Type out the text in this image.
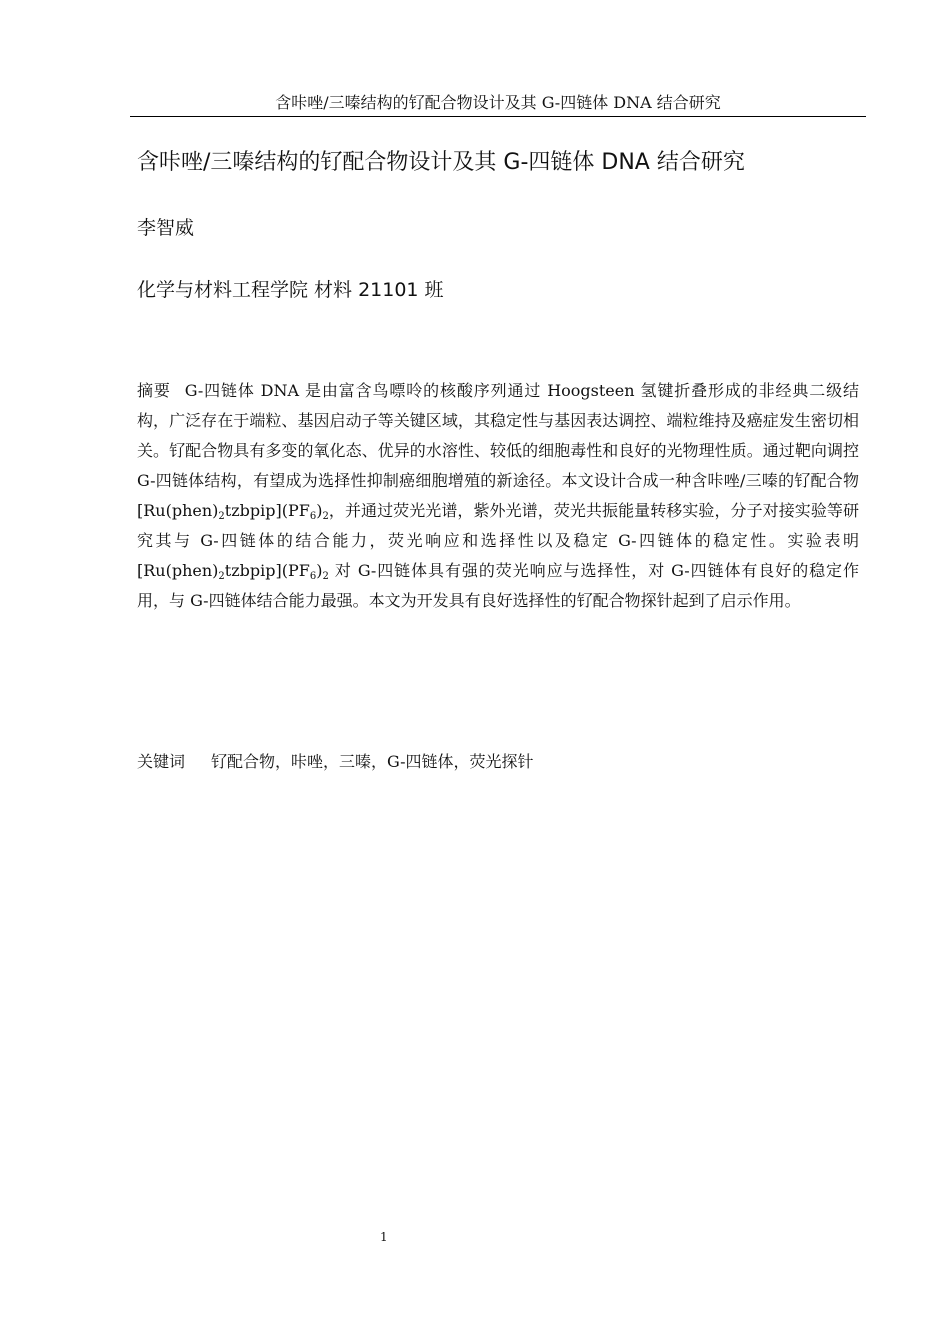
含咔唑/三嗪结构的钌配合物设计及其 G-四链体 DNA 结合研究
含咔唑/三嗪结构的钌配合物设计及其 G-四链体 DNA 结合研究
李智威
化学与材料工程学院 材料 21101 班
摘要 G-四链体 DNA 是由富含鸟嘌呤的核酸序列通过 Hoogsteen 氢键折叠形成的非经典二级结构，广泛存在于端粒、基因启动子等关键区域，其稳定性与基因表达调控、端粒维持及癌症发生密切相关。钌配合物具有多变的氧化态、优异的水溶性、较低的细胞毒性和良好的光物理性质。通过靶向调控 G-四链体结构，有望成为选择性抑制癌细胞增殖的新途径。本文设计合成一种含咔唑/三嗪的钌配合物$[Ru(phen)_2tzbpip](PF_6)_2$，并通过荧光光谱，紫外光谱，荧光共振能量转移实验，分子对接实验等研究其与 G-四链体的结合能力，荧光响应和选择性以及稳定 G-四链体的稳定性。实验表明$[Ru(phen)_2tzbpip](PF_6)_2$ 对 G-四链体具有强的荧光响应与选择性，对 G-四链体有良好的稳定作用，与 G-四链体结合能力最强。本文为开发具有良好选择性的钌配合物探针起到了启示作用。
关键词 钌配合物，咔唑，三嗪，G-四链体，荧光探针
1
